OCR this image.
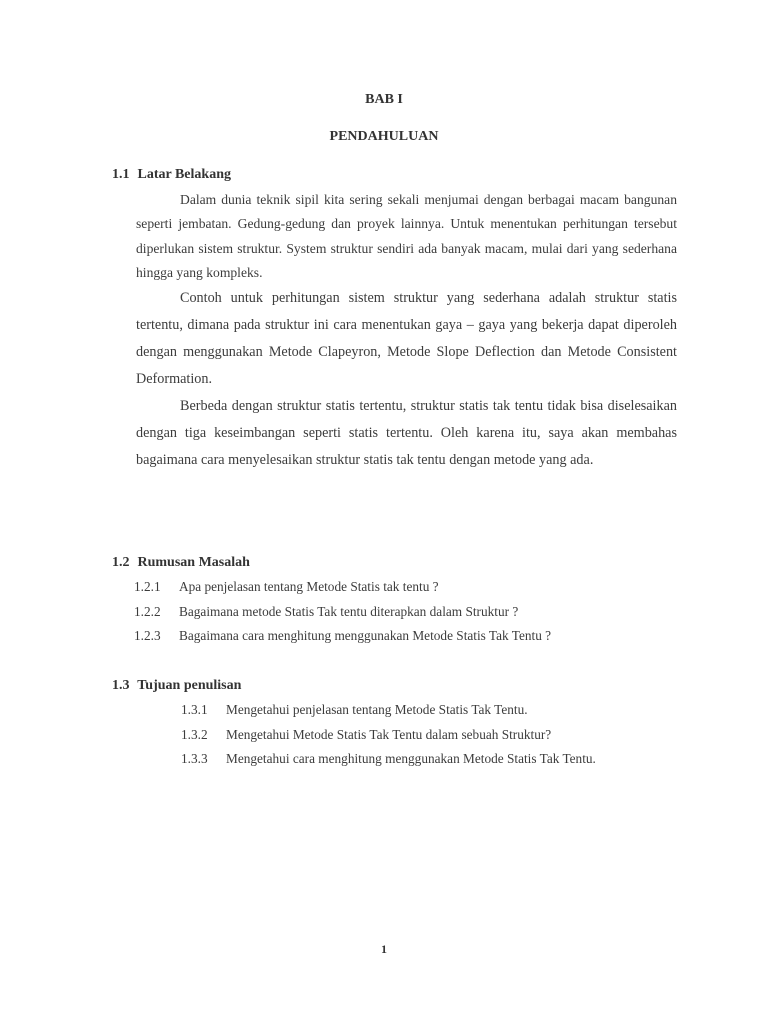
BAB I
PENDAHULUAN
1.1 Latar Belakang
Dalam dunia teknik sipil kita sering sekali menjumai dengan berbagai macam bangunan seperti jembatan. Gedung-gedung dan proyek lainnya. Untuk menentukan perhitungan tersebut diperlukan sistem struktur. System struktur sendiri ada banyak macam, mulai dari yang sederhana hingga yang kompleks.
Contoh untuk perhitungan sistem struktur yang sederhana adalah struktur statis tertentu, dimana pada struktur ini cara menentukan gaya – gaya yang bekerja dapat diperoleh dengan menggunakan Metode Clapeyron, Metode Slope Deflection dan Metode Consistent Deformation.
Berbeda dengan struktur statis tertentu, struktur statis tak tentu tidak bisa diselesaikan dengan tiga keseimbangan seperti statis tertentu. Oleh karena itu, saya akan membahas bagaimana cara menyelesaikan struktur statis tak tentu dengan metode yang ada.
1.2 Rumusan Masalah
1.2.1 Apa penjelasan tentang Metode Statis tak tentu ?
1.2.2 Bagaimana metode Statis Tak tentu diterapkan dalam Struktur ?
1.2.3 Bagaimana cara menghitung menggunakan Metode Statis Tak Tentu ?
1.3 Tujuan penulisan
1.3.1 Mengetahui penjelasan tentang Metode Statis Tak Tentu.
1.3.2 Mengetahui Metode Statis Tak Tentu dalam sebuah Struktur?
1.3.3 Mengetahui cara menghitung menggunakan Metode Statis Tak Tentu.
1
